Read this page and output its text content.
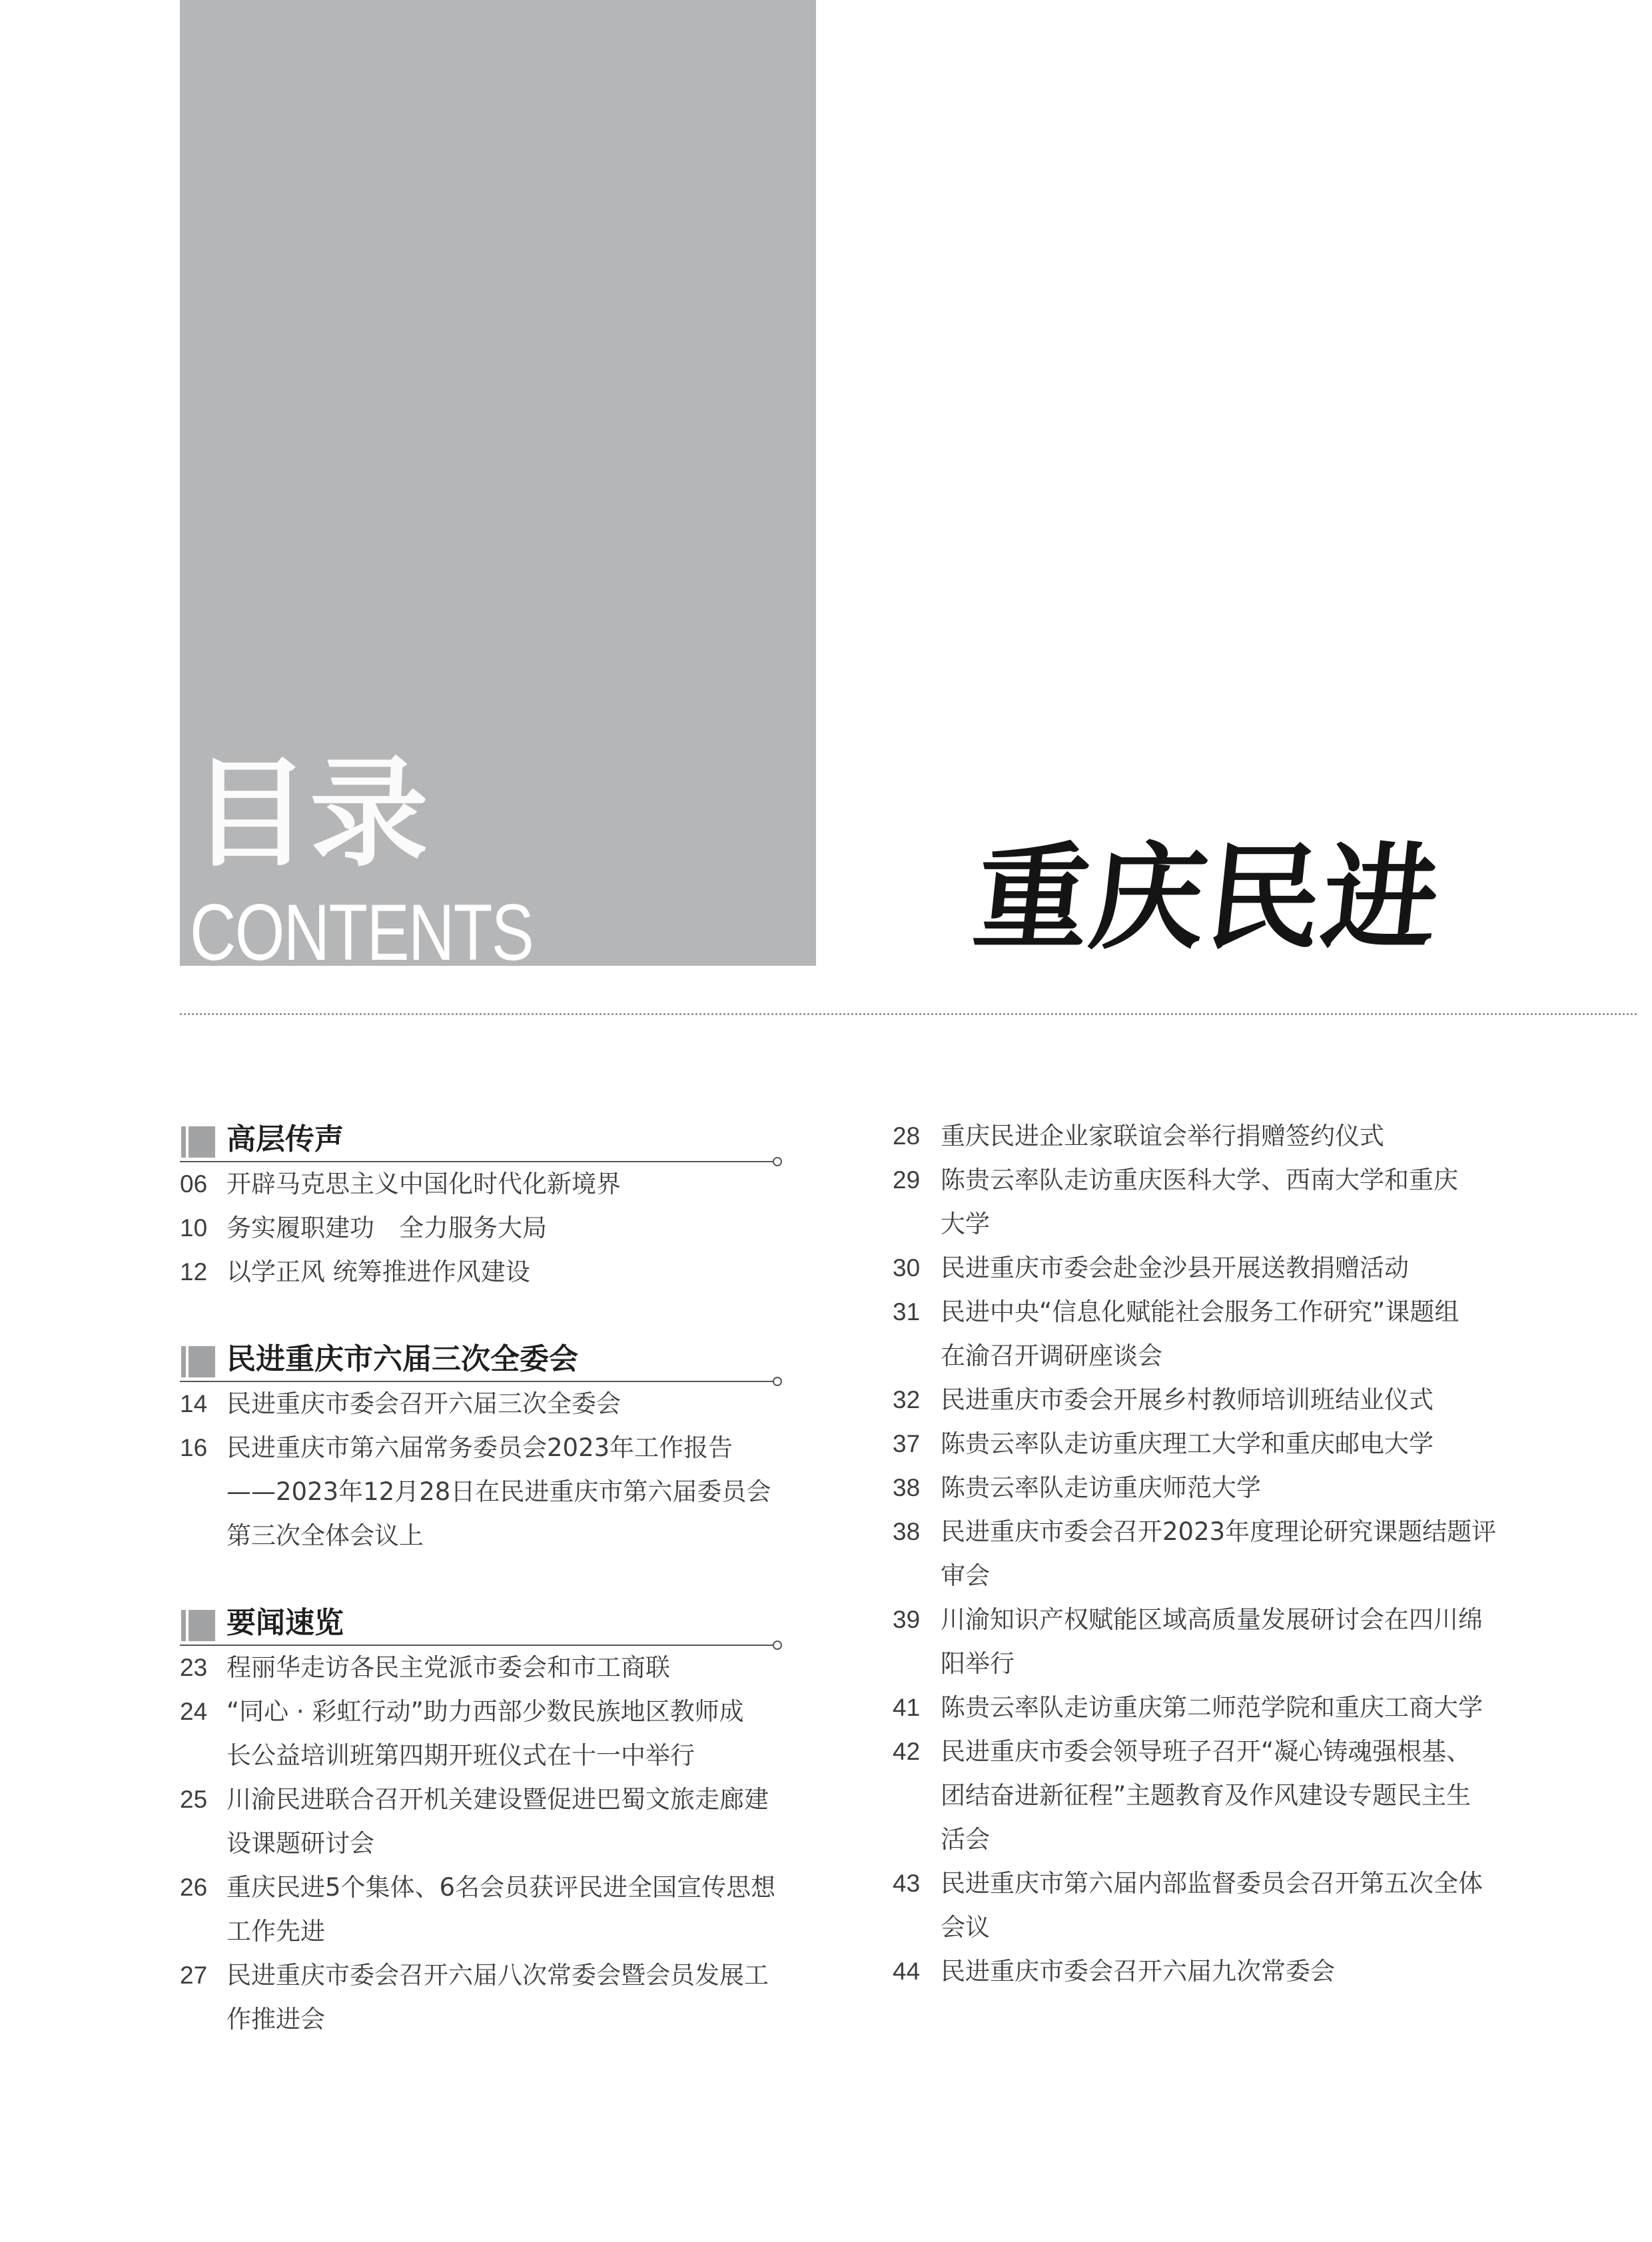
目录
CONTENTS	重庆民进
高层传声
06 开辟马克思主义中国化时代化新境界
10 务实履职建功　全力服务大局
12 以学正风 统筹推进作风建设
民进重庆市六届三次全委会
14 民进重庆市委会召开六届三次全委会
16 民进重庆市第六届常务委员会2023年工作报告
——2023年12月28日在民进重庆市第六届委员会
第三次全体会议上
要闻速览
23 程丽华走访各民主党派市委会和市工商联
24 “同心 · 彩虹行动”助力西部少数民族地区教师成
长公益培训班第四期开班仪式在十一中举行
25 川渝民进联合召开机关建设暨促进巴蜀文旅走廊建
设课题研讨会
26 重庆民进5个集体、6名会员获评民进全国宣传思想
工作先进
27 民进重庆市委会召开六届八次常委会暨会员发展工
作推进会
28 重庆民进企业家联谊会举行捐赠签约仪式
29 陈贵云率队走访重庆医科大学、西南大学和重庆
大学
30 民进重庆市委会赴金沙县开展送教捐赠活动
31 民进中央“信息化赋能社会服务工作研究”课题组
在渝召开调研座谈会
32 民进重庆市委会开展乡村教师培训班结业仪式
37 陈贵云率队走访重庆理工大学和重庆邮电大学
38 陈贵云率队走访重庆师范大学
38 民进重庆市委会召开2023年度理论研究课题结题评
审会
39 川渝知识产权赋能区域高质量发展研讨会在四川绵
阳举行
41 陈贵云率队走访重庆第二师范学院和重庆工商大学
42 民进重庆市委会领导班子召开“凝心铸魂强根基、
团结奋进新征程”主题教育及作风建设专题民主生
活会
43 民进重庆市第六届内部监督委员会召开第五次全体
会议
44 民进重庆市委会召开六届九次常委会
